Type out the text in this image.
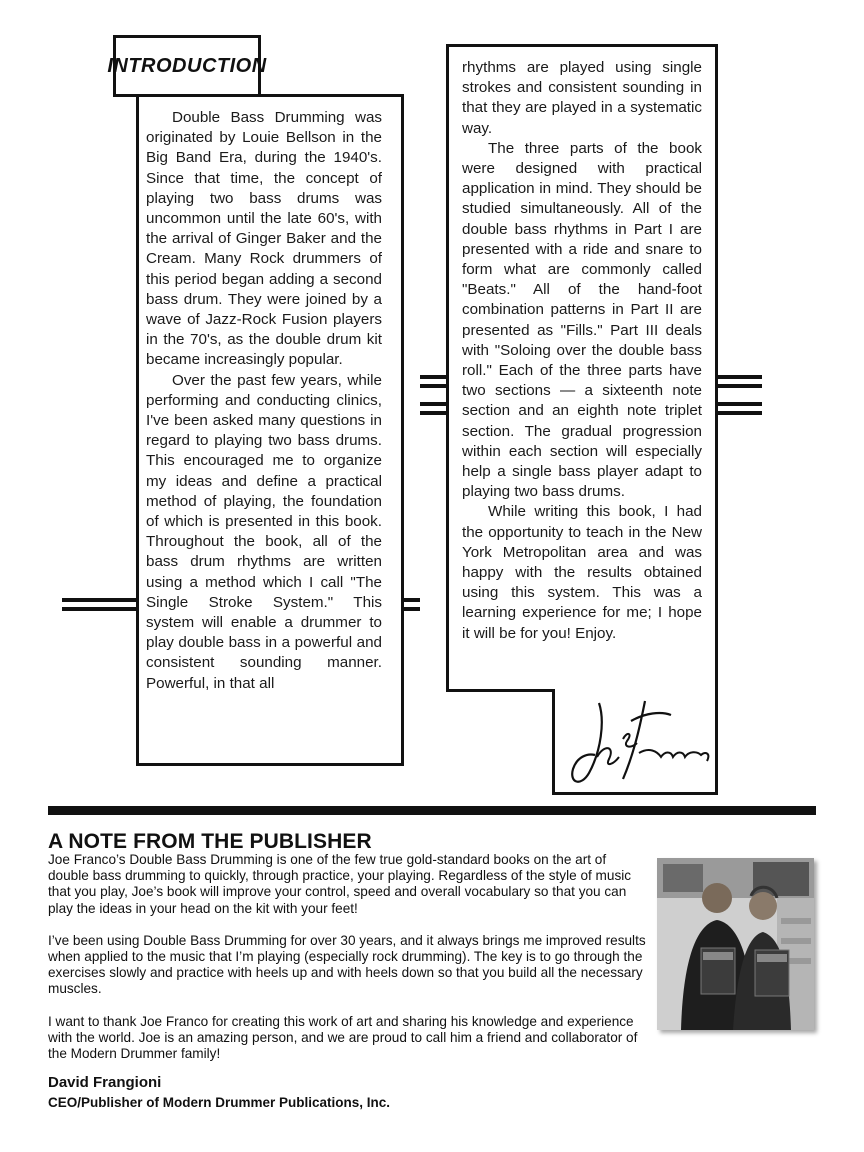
INTRODUCTION

Double Bass Drumming was originated by Louie Bellson in the Big Band Era, during the 1940's. Since that time, the concept of playing two bass drums was uncommon until the late 60's, with the arrival of Ginger Baker and the Cream. Many Rock drummers of this period began adding a second bass drum. They were joined by a wave of Jazz-Rock Fusion players in the 70's, as the double drum kit became increasingly popular.

Over the past few years, while performing and conducting clinics, I've been asked many questions in regard to playing two bass drums. This encouraged me to organize my ideas and define a practical method of playing, the foundation of which is presented in this book. Throughout the book, all of the bass drum rhythms are written using a method which I call "The Single Stroke System." This system will enable a drummer to play double bass in a powerful and consistent sounding manner. Powerful, in that all

rhythms are played using single strokes and consistent sounding in that they are played in a systematic way.

The three parts of the book were designed with practical application in mind. They should be studied simultaneously. All of the double bass rhythms in Part I are presented with a ride and snare to form what are commonly called "Beats." All of the hand-foot combination patterns in Part II are presented as "Fills." Part III deals with "Soloing over the double bass roll." Each of the three parts have two sections — a sixteenth note section and an eighth note triplet section. The gradual progression within each section will especially help a single bass player adapt to playing two bass drums.

While writing this book, I had the opportunity to teach in the New York Metropolitan area and was happy with the results obtained using this system. This was a learning experience for me; I hope it will be for you! Enjoy.

A NOTE FROM THE PUBLISHER

Joe Franco’s Double Bass Drumming is one of the few true gold-standard books on the art of double bass drumming to quickly, through practice, your playing. Regardless of the style of music that you play, Joe’s book will improve your control, speed and overall vocabulary so that you can play the ideas in your head on the kit with your feet!

I’ve been using Double Bass Drumming for over 30 years, and it always brings me improved results when applied to the music that I’m playing (especially rock drumming). The key is to go through the exercises slowly and practice with heels up and with heels down so that you build all the necessary muscles.

I want to thank Joe Franco for creating this work of art and sharing his knowledge and experience with the world. Joe is an amazing person, and we are proud to call him a friend and collaborator of the Modern Drummer family!

David Frangioni
CEO/Publisher of Modern Drummer Publications, Inc.
